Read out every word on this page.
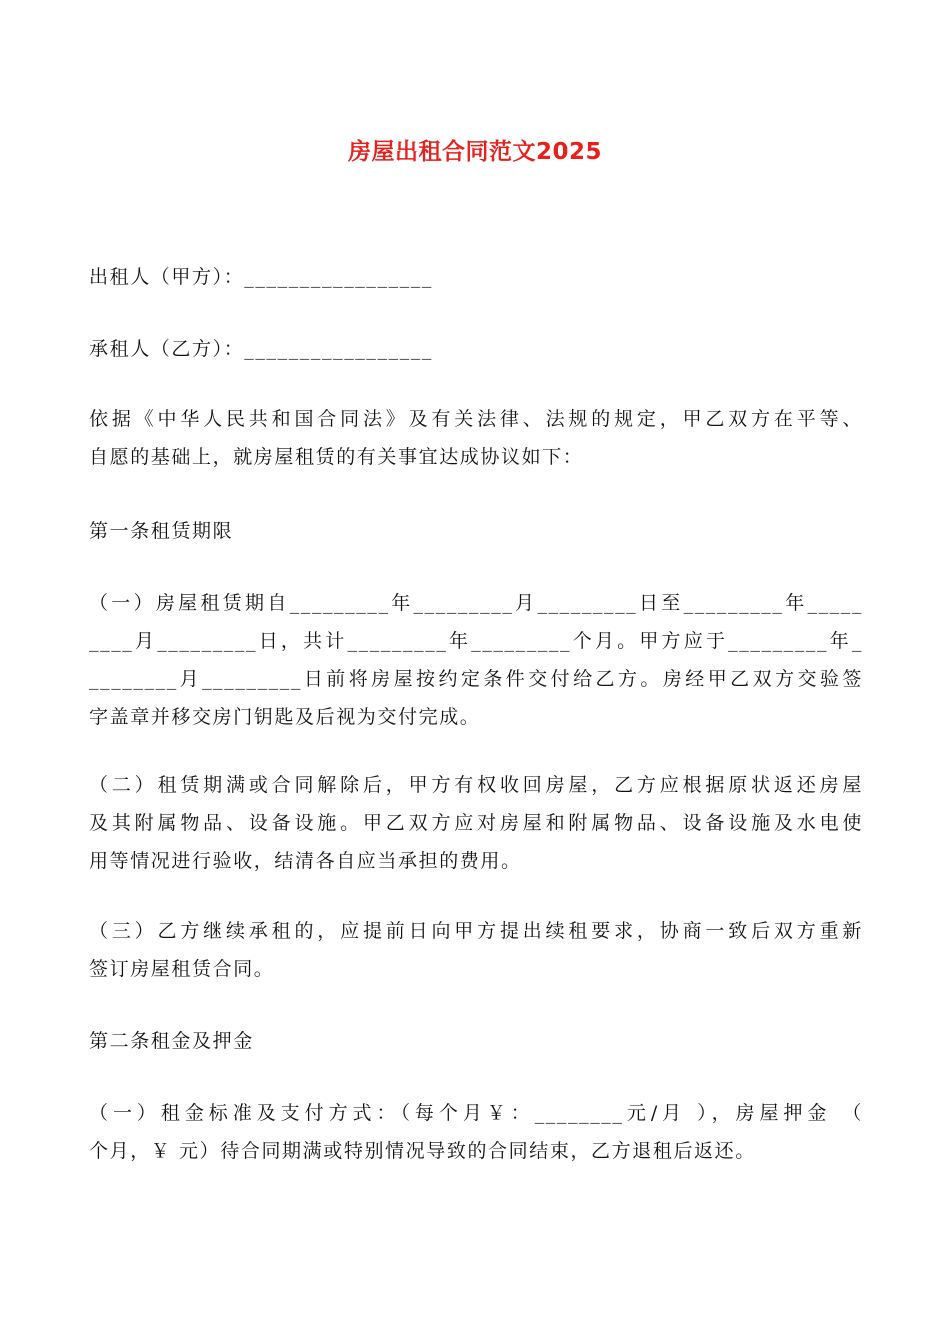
房屋出租合同范文2025

出租人（甲方）：_________________

承租人（乙方）：_________________

依据《中华人民共和国合同法》及有关法律、法规的规定，甲乙双方在平等、
自愿的基础上，就房屋租赁的有关事宜达成协议如下：

第一条租赁期限

（一）房屋租赁期自_________年_________月_________日至_________年_____
____月_________日，共计_________年_________个月。甲方应于_________年_
________月_________日前将房屋按约定条件交付给乙方。房经甲乙双方交验签
字盖章并移交房门钥匙及后视为交付完成。

（二）租赁期满或合同解除后，甲方有权收回房屋，乙方应根据原状返还房屋
及其附属物品、设备设施。甲乙双方应对房屋和附属物品、设备设施及水电使
用等情况进行验收，结清各自应当承担的费用。

（三）乙方继续承租的，应提前日向甲方提出续租要求，协商一致后双方重新
签订房屋租赁合同。

第二条租金及押金

（一）租金标准及支付方式：（每个月￥：________元/月 ），房屋押金 （
个月，￥ 元）待合同期满或特别情况导致的合同结束，乙方退租后返还。
